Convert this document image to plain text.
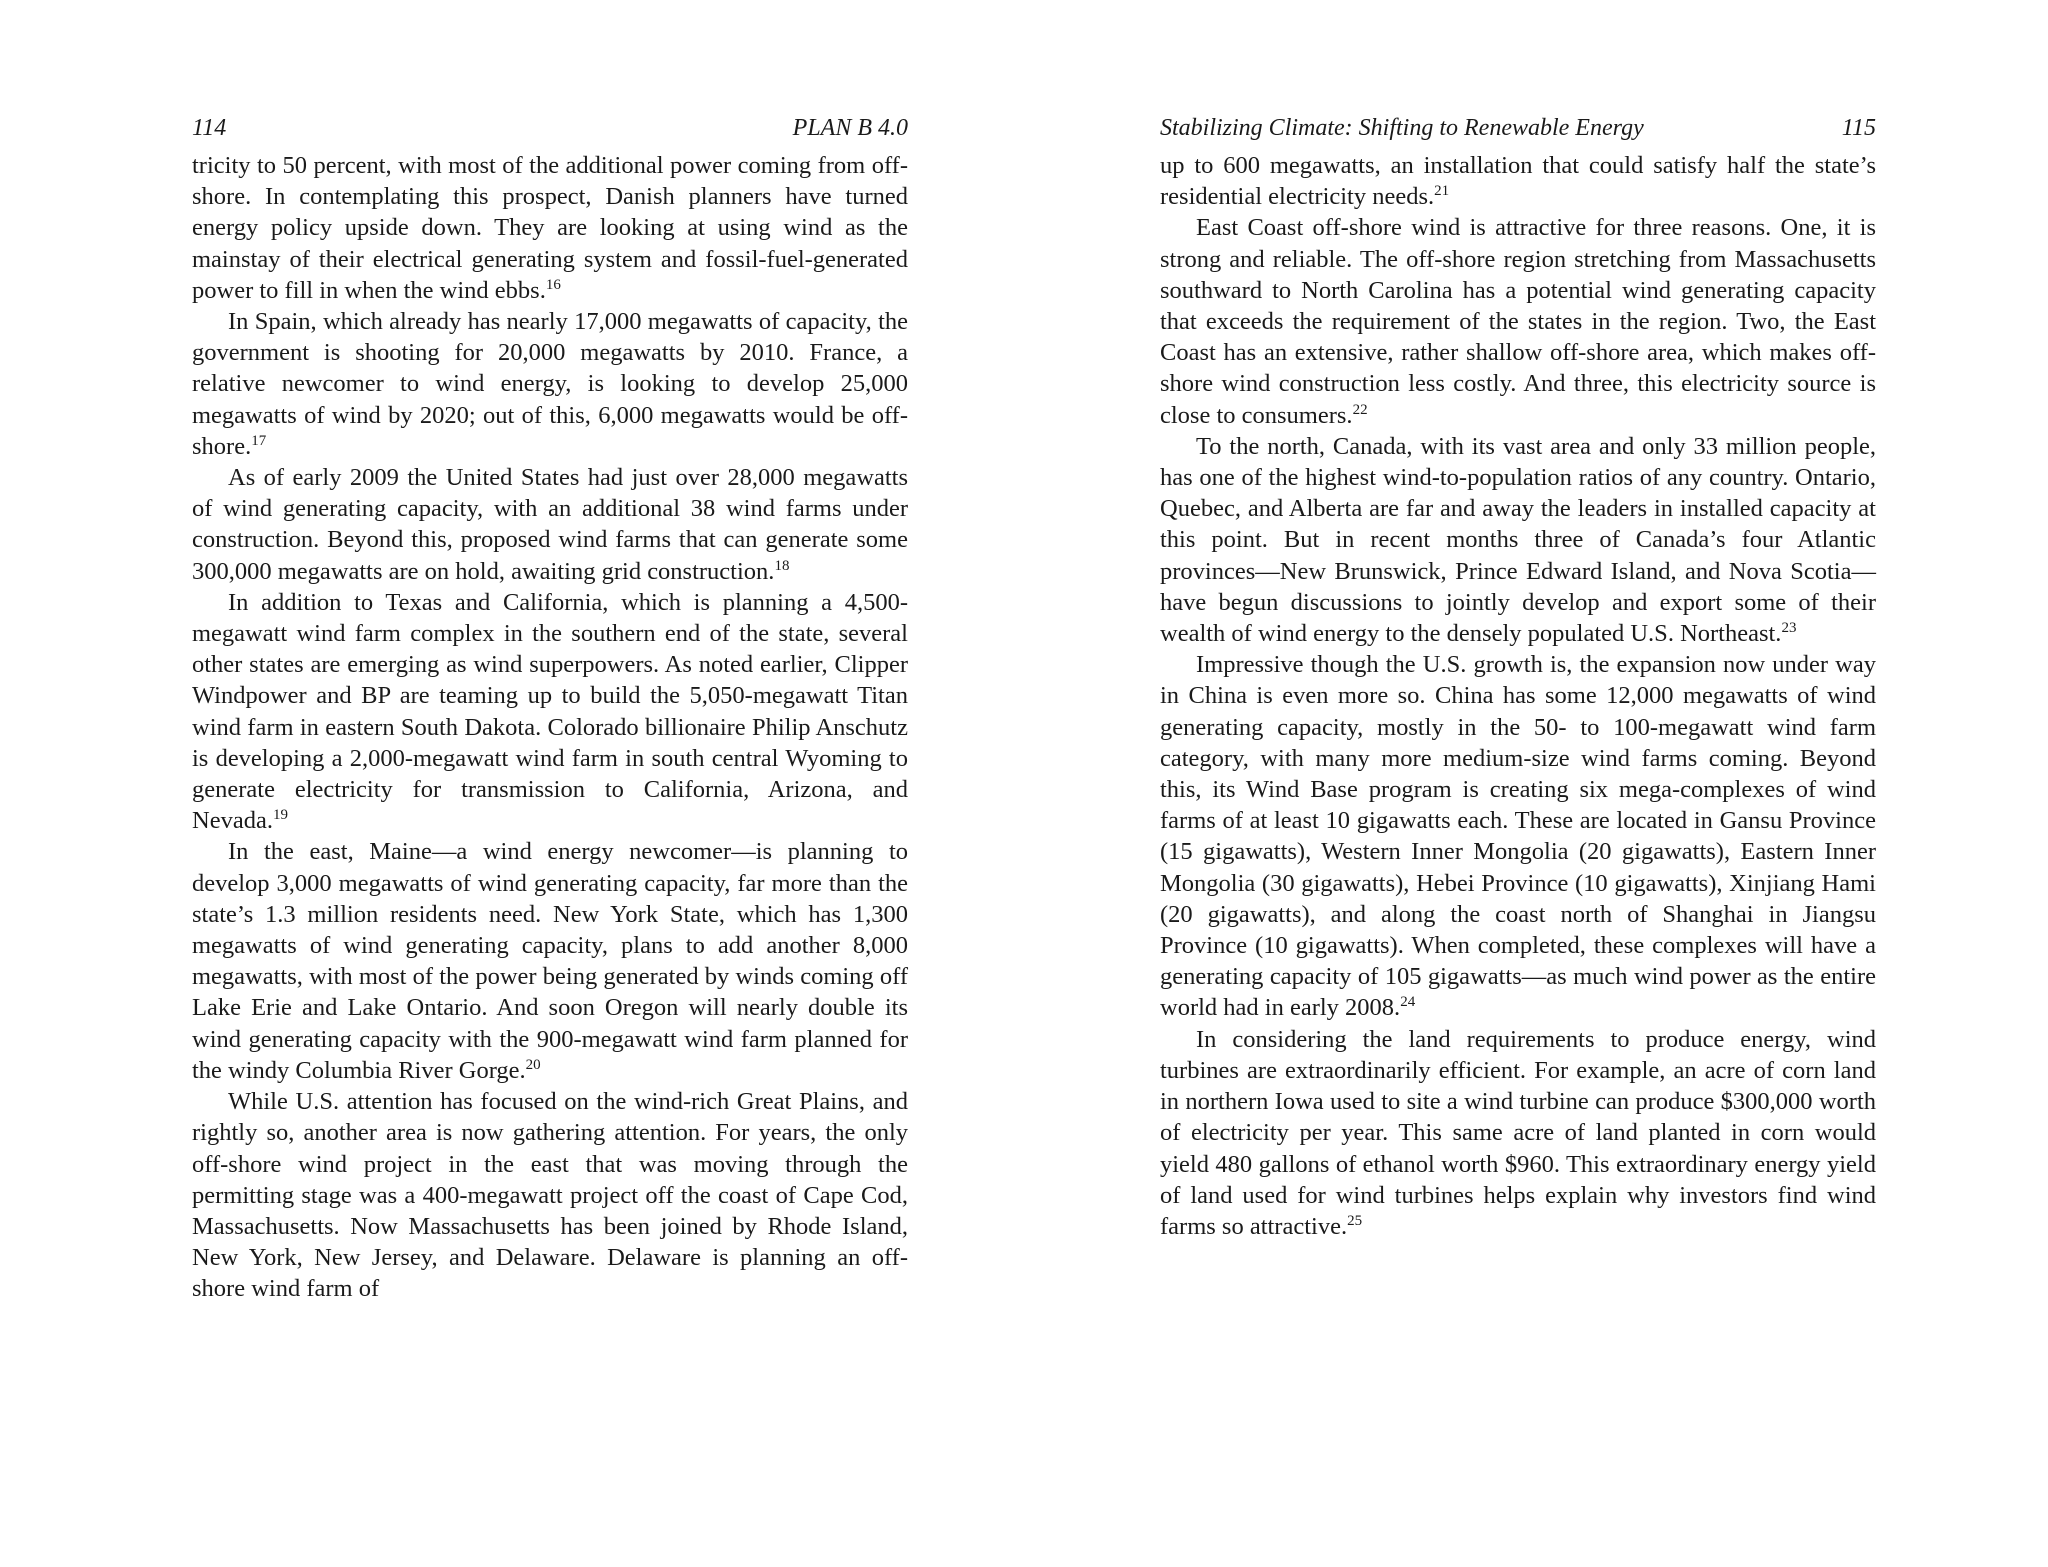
114	PLAN B 4.0

tricity to 50 percent, with most of the additional power coming from off-shore. In contemplating this prospect, Danish planners have turned energy policy upside down. They are looking at using wind as the mainstay of their electrical generating system and fossil-fuel-generated power to fill in when the wind ebbs.$^{16}$

In Spain, which already has nearly 17,000 megawatts of capacity, the government is shooting for 20,000 megawatts by 2010. France, a relative newcomer to wind energy, is looking to develop 25,000 megawatts of wind by 2020; out of this, 6,000 megawatts would be off-shore.$^{17}$

As of early 2009 the United States had just over 28,000 megawatts of wind generating capacity, with an additional 38 wind farms under construction. Beyond this, proposed wind farms that can generate some 300,000 megawatts are on hold, awaiting grid construction.$^{18}$

In addition to Texas and California, which is planning a 4,500-megawatt wind farm complex in the southern end of the state, several other states are emerging as wind superpowers. As noted earlier, Clipper Windpower and BP are teaming up to build the 5,050-megawatt Titan wind farm in eastern South Dakota. Colorado billionaire Philip Anschutz is developing a 2,000-megawatt wind farm in south central Wyoming to generate electricity for transmission to California, Arizona, and Nevada.$^{19}$

In the east, Maine—a wind energy newcomer—is planning to develop 3,000 megawatts of wind generating capacity, far more than the state’s 1.3 million residents need. New York State, which has 1,300 megawatts of wind generating capacity, plans to add another 8,000 megawatts, with most of the power being generated by winds coming off Lake Erie and Lake Ontario. And soon Oregon will nearly double its wind generating capacity with the 900-megawatt wind farm planned for the windy Columbia River Gorge.$^{20}$

While U.S. attention has focused on the wind-rich Great Plains, and rightly so, another area is now gathering attention. For years, the only off-shore wind project in the east that was moving through the permitting stage was a 400-megawatt project off the coast of Cape Cod, Massachusetts. Now Massachusetts has been joined by Rhode Island, New York, New Jersey, and Delaware. Delaware is planning an off-shore wind farm of

Stabilizing Climate: Shifting to Renewable Energy	115

up to 600 megawatts, an installation that could satisfy half the state’s residential electricity needs.$^{21}$

East Coast off-shore wind is attractive for three reasons. One, it is strong and reliable. The off-shore region stretching from Massachusetts southward to North Carolina has a potential wind generating capacity that exceeds the requirement of the states in the region. Two, the East Coast has an extensive, rather shallow off-shore area, which makes off-shore wind construction less costly. And three, this electricity source is close to consumers.$^{22}$

To the north, Canada, with its vast area and only 33 million people, has one of the highest wind-to-population ratios of any country. Ontario, Quebec, and Alberta are far and away the leaders in installed capacity at this point. But in recent months three of Canada’s four Atlantic provinces—New Brunswick, Prince Edward Island, and Nova Scotia—have begun discussions to jointly develop and export some of their wealth of wind energy to the densely populated U.S. Northeast.$^{23}$

Impressive though the U.S. growth is, the expansion now under way in China is even more so. China has some 12,000 megawatts of wind generating capacity, mostly in the 50- to 100-megawatt wind farm category, with many more medium-size wind farms coming. Beyond this, its Wind Base program is creating six mega-complexes of wind farms of at least 10 gigawatts each. These are located in Gansu Province (15 gigawatts), Western Inner Mongolia (20 gigawatts), Eastern Inner Mongolia (30 gigawatts), Hebei Province (10 gigawatts), Xinjiang Hami (20 gigawatts), and along the coast north of Shanghai in Jiangsu Province (10 gigawatts). When completed, these complexes will have a generating capacity of 105 gigawatts—as much wind power as the entire world had in early 2008.24

In considering the land requirements to produce energy, wind turbines are extraordinarily efficient. For example, an acre of corn land in northern Iowa used to site a wind turbine can produce $300,000 worth of electricity per year. This same acre of land planted in corn would yield 480 gallons of ethanol worth $960. This extraordinary energy yield of land used for wind turbines helps explain why investors find wind farms so attractive.$^{25}$
